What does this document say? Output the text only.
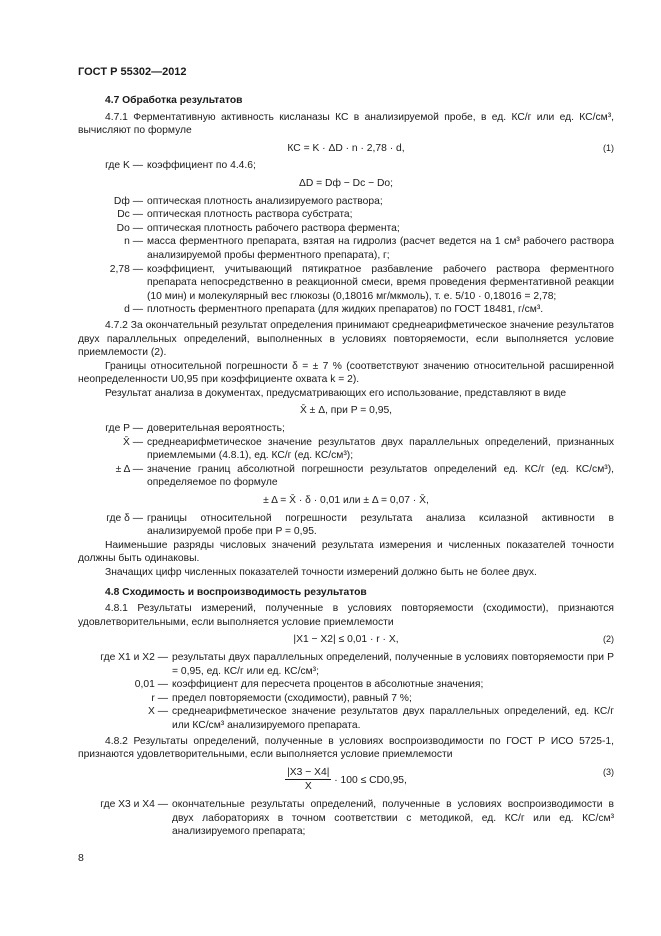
ГОСТ Р 55302—2012
4.7 Обработка результатов

4.7.1 Ферментативную активность кисланазы КС в анализируемой пробе, в ед. КС/г или ед. КС/см³, вычисляют по формуле

КС = K · ΔD · n · 2,78 · d,	(1)
где K — коэффициент по 4.4.6;
ΔD = Dф − Dс − Dо;
Dф — оптическая плотность анализируемого раствора;
Dс — оптическая плотность раствора субстрата;
Dо — оптическая плотность рабочего раствора фермента;
n — масса ферментного препарата, взятая на гидролиз (расчет ведется на 1 см³ рабочего раствора анализируемой пробы ферментного препарата), г;
2,78 — коэффициент, учитывающий пятикратное разбавление рабочего раствора ферментного препарата непосредственно в реакционной смеси, время проведения ферментативной реакции (10 мин) и молекулярный вес глюкозы (0,18016 мг/мкмоль), т. е. 5/10 · 0,18016 = 2,78;
d — плотность ферментного препарата (для жидких препаратов) по ГОСТ 18481, г/см³.

4.7.2 За окончательный результат определения принимают среднеарифметическое значение результатов двух параллельных определений, выполненных в условиях повторяемости, если выполняется условие приемлемости (2).

Границы относительной погрешности δ = ± 7 % (соответствуют значению относительной расширенной неопределенности U0,95 при коэффициенте охвата k = 2).

Результат анализа в документах, предусматривающих его использование, представляют в виде

X̄ ± Δ, при P = 0,95,
где P — доверительная вероятность;
X̄ — среднеарифметическое значение результатов двух параллельных определений, признанных приемлемыми (4.8.1), ед. КС/г (ед. КС/см³);
± Δ — значение границ абсолютной погрешности результатов определений ед. КС/г (ед. КС/см³), определяемое по формуле
± Δ = X̄ · δ · 0,01 или ± Δ = 0,07 · X̄,
где δ — границы относительной погрешности результата анализа ксилазной активности в анализируемой пробе при P = 0,95.

Наименьшие разряды числовых значений результата измерения и численных показателей точности должны быть одинаковы.

Значащих цифр численных показателей точности измерений должно быть не более двух.

4.8 Сходимость и воспроизводимость результатов

4.8.1 Результаты измерений, полученные в условиях повторяемости (сходимости), признаются удовлетворительными, если выполняется условие приемлемости

|X1 − X2| ≤ 0,01 · r · X,	(2)
где X1 и X2 — результаты двух параллельных определений, полученные в условиях повторяемости при P = 0,95, ед. КС/г или ед. КС/см³;
0,01 — коэффициент для пересчета процентов в абсолютные значения;
r — предел повторяемости (сходимости), равный 7 %;
X — среднеарифметическое значение результатов двух параллельных определений, ед. КС/г или КС/см³ анализируемого препарата.

4.8.2 Результаты определений, полученные в условиях воспроизводимости по ГОСТ Р ИСО 5725-1, признаются удовлетворительными, если выполняется условие приемлемости

$\frac{|X3 - X4|}{X} \cdot 100 \le CD0,95$,
(3)
где X3 и X4 — окончательные результаты определений, полученные в условиях воспроизводимости в двух лабораториях в точном соответствии с методикой, ед. КС/г или ед. КС/см³ анализируемого препарата;
8
